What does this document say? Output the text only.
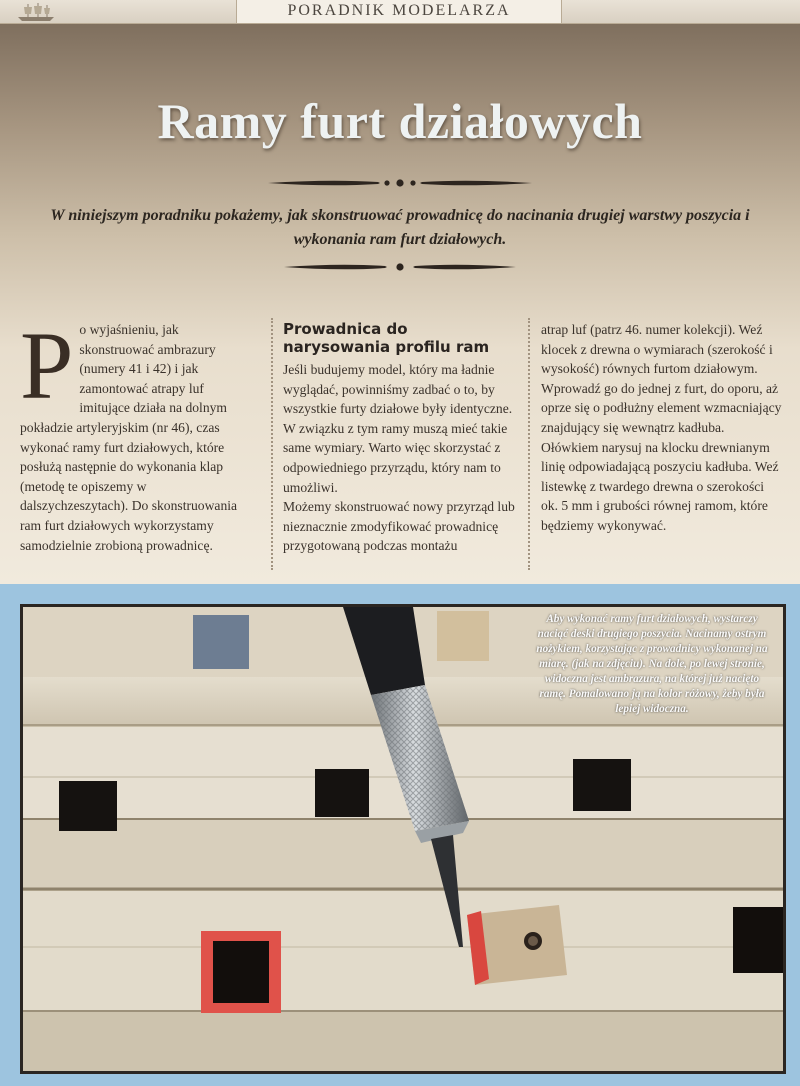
PORADNIK MODELARZA
Ramy furt działowych

W niniejszym poradniku pokażemy, jak skonstruować prowadnicę do nacinania drugiej warstwy poszycia i wykonania ram furt działowych.

P o wyjaśnieniu, jak skonstruować ambrazury (numery 41 i 42) i jak zamontować atrapy luf imitujące działa na dolnym pokładzie artyleryjskim (nr 46), czas wykonać ramy furt działowych, które posłużą następnie do wykonania klap (metodę te opiszemy w dalszychzeszytach). Do skonstruowania ram furt działowych wykorzystamy samodzielnie zrobioną prowadnicę.

Prowadnica do narysowania profilu ram

Jeśli budujemy model, który ma ładnie wyglądać, powinniśmy zadbać o to, by wszystkie furty działowe były identyczne. W związku z tym ramy muszą mieć takie same wymiary. Warto więc skorzystać z odpowiedniego przyrządu, który nam to umożliwi.

Możemy skonstruować nowy przyrząd lub nieznacznie zmodyfikować prowadnicę przygotowaną podczas montażu

atrap luf (patrz 46. numer kolekcji). Weź klocek z drewna o wymiarach (szerokość i wysokość) równych furtom działowym. Wprowadź go do jednej z furt, do oporu, aż oprze się o podłużny element wzmacniający znajdujący się wewnątrz kadłuba. Ołówkiem narysuj na klocku drewnianym linię odpowiadającą poszyciu kadłuba. Weź listewkę z twardego drewna o szerokości ok. 5 mm i grubości równej ramom, które będziemy wykonywać.

Aby wykonać ramy furt działowych, wystarczy naciąć deski drugiego poszycia. Nacinamy ostrym nożykiem, korzystając z prowadnicy wykonanej na miarę. (jak na zdjęciu). Na dole, po lewej stronie, widoczna jest ambrazura, na której już nacięto ramę. Pomalowano ją na kolor różowy, żeby była lepiej widoczna.
